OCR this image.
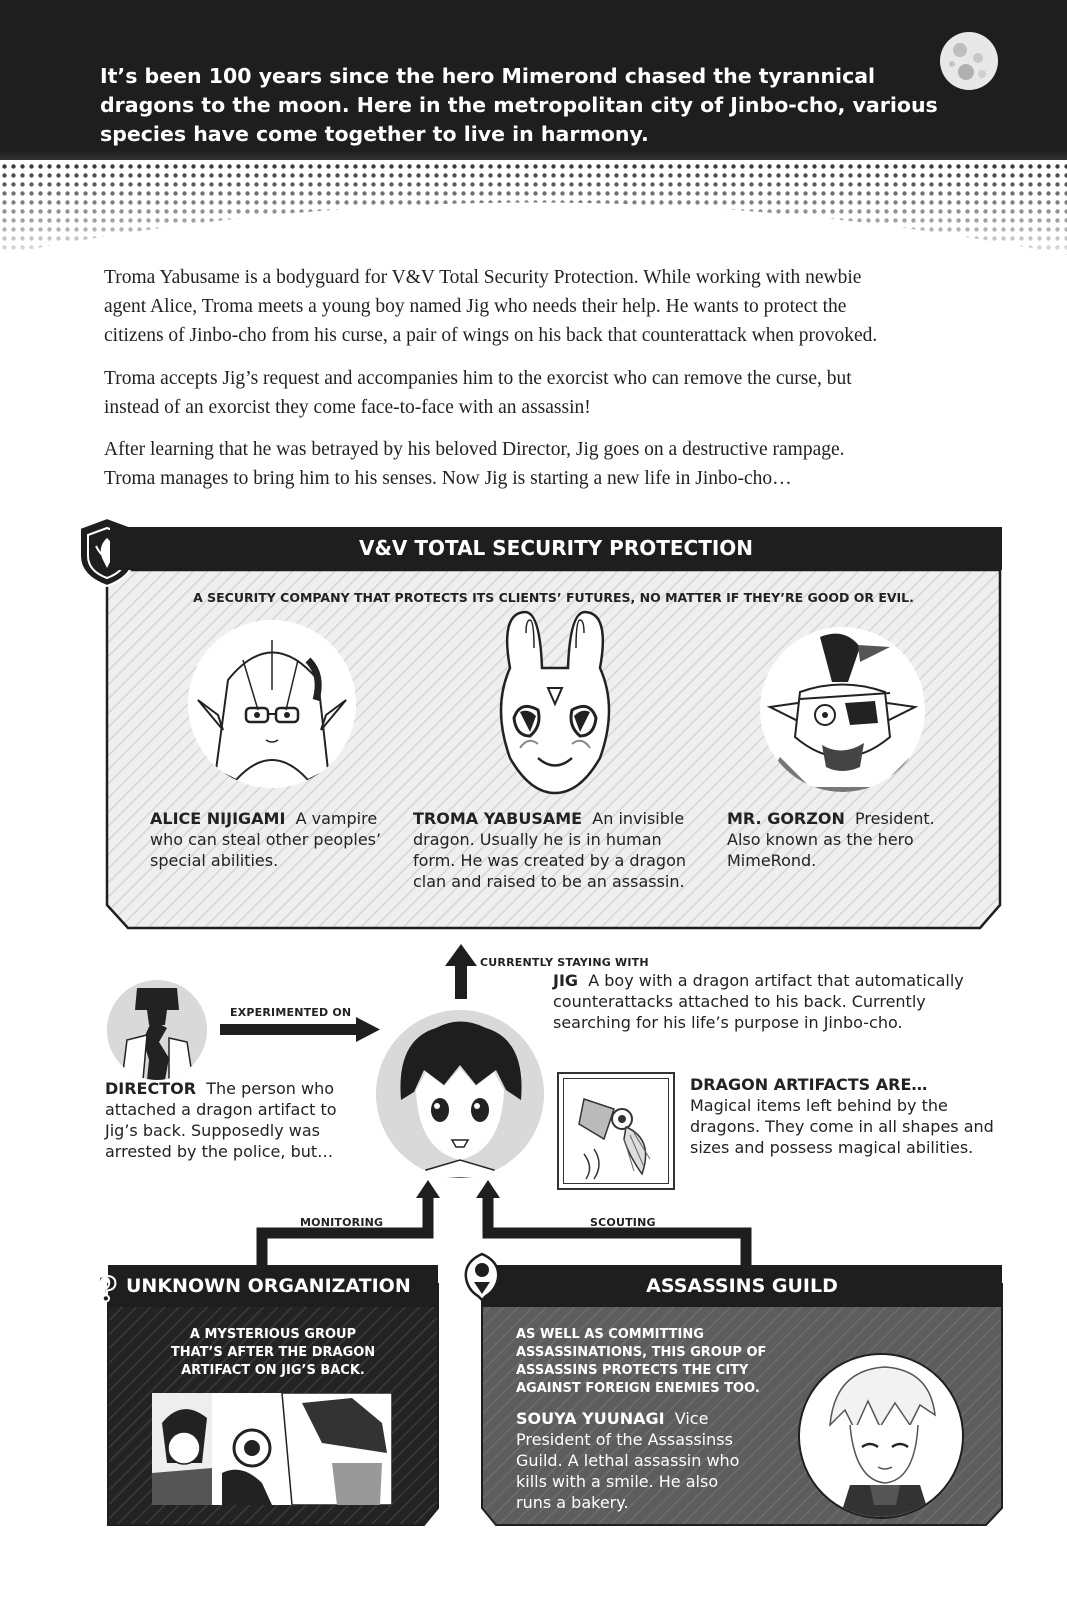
It’s been 100 years since the hero Mimerond chased the tyrannical
dragons to the moon. Here in the metropolitan city of Jinbo-cho, various
species have come together to live in harmony.
Troma Yabusame is a bodyguard for V&V Total Security Protection. While working with newbie
agent Alice, Troma meets a young boy named Jig who needs their help. He wants to protect the
citizens of Jinbo-cho from his curse, a pair of wings on his back that counterattack when provoked.
Troma accepts Jig’s request and accompanies him to the exorcist who can remove the curse, but
instead of an exorcist they come face-to-face with an assassin!
After learning that he was betrayed by his beloved Director, Jig goes on a destructive rampage.
Troma manages to bring him to his senses. Now Jig is starting a new life in Jinbo-cho…
V&V TOTAL SECURITY PROTECTION
A SECURITY COMPANY THAT PROTECTS ITS CLIENTS’ FUTURES, NO MATTER IF THEY’RE GOOD OR EVIL.
ALICE NIJIGAMI A vampire
who can steal other peoples’
special abilities.
TROMA YABUSAME An invisible
dragon. Usually he is in human
form. He was created by a dragon
clan and raised to be an assassin.
MR. GORZON President.
Also known as the hero
MimeRond.
CURRENTLY STAYING WITH
EXPERIMENTED ON
MONITORING	SCOUTING
DIRECTOR The person who
attached a dragon artifact to
Jig’s back. Supposedly was
arrested by the police, but…
JIG A boy with a dragon artifact that automatically
counterattacks attached to his back. Currently
searching for his life’s purpose in Jinbo-cho.
DRAGON ARTIFACTS ARE…
Magical items left behind by the
dragons. They come in all shapes and
sizes and possess magical abilities.
? UNKNOWN ORGANIZATION
A MYSTERIOUS GROUP
THAT’S AFTER THE DRAGON
ARTIFACT ON JIG’S BACK.
ASSASSINS GUILD
AS WELL AS COMMITTING
ASSASSINATIONS, THIS GROUP OF
ASSASSINS PROTECTS THE CITY
AGAINST FOREIGN ENEMIES TOO.
SOUYA YUUNAGI Vice
President of the Assassinss
Guild. A lethal assassin who
kills with a smile. He also
runs a bakery.
